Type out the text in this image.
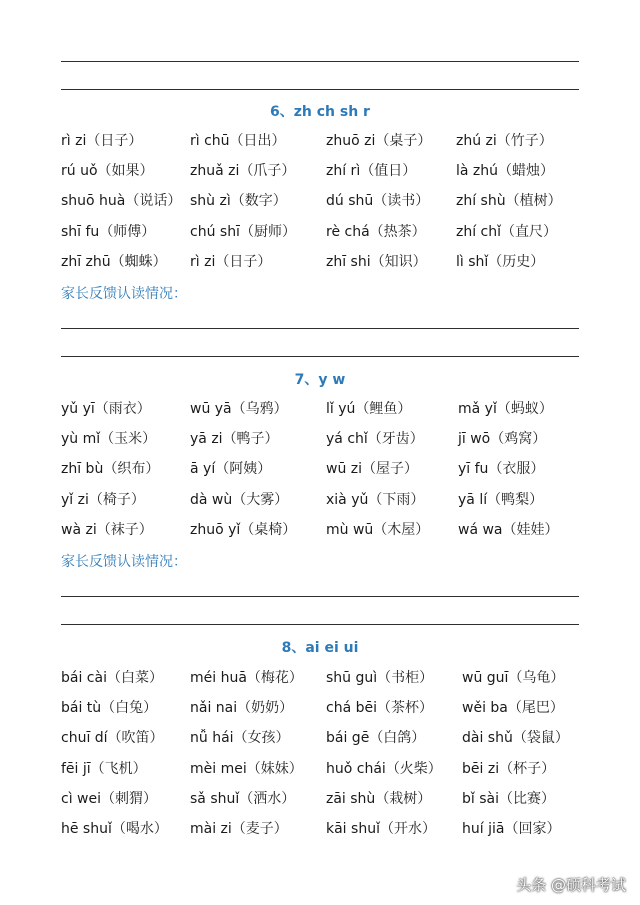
6、zh ch sh r
rì zi（日子）	rì chū（日出）	zhuō zi（桌子） zhú zi（竹子）
rú uǒ（如果）	zhuǎ zi（爪子） zhí rì（值日）	là zhú（蜡烛）
shuō huà（说话） shù zì（数字）	dú shū（读书） zhí shù（植树）
shī fu（师傅） chú shī（厨师） rè chá（热茶） zhí chǐ（直尺）
zhī zhū（蜘蛛） rì zi（日子）	zhī shi（知识） lì shǐ（历史）
家长反馈认读情况：
7、y w
yǔ yī（雨衣）	wū yā（乌鸦）	lǐ yú（鲤鱼）	mǎ yǐ（蚂蚁）
yù mǐ（玉米） yā zi（鸭子）	yá chǐ（牙齿） jī wō（鸡窝）
zhī bù（织布） ā yí（阿姨）	wū zi（屋子）	yī fu（衣服）
yǐ zi（椅子）	dà wù（大雾）	xià yǔ（下雨） yā lí（鸭梨）
wà zi（袜子）	zhuō yǐ（桌椅） mù wū（木屋） wá wa（娃娃）
家长反馈认读情况：
8、ai ei ui
bái cài（白菜） méi huā（梅花） shū guì（书柜） wū guī（乌龟）
bái tù（白兔） nǎi nai（奶奶） chá bēi（茶杯） wěi ba（尾巴）
chuī dí（吹笛） nǚ hái（女孩）	bái gē（白鸽）	dài shǔ（袋鼠）
fēi jī（飞机）	mèi mei（妹妹） huǒ chái（火柴） bēi zi（杯子）
cì wei（刺猬） sǎ shuǐ（洒水） zāi shù（栽树） bǐ sài（比赛）
hē shuǐ（喝水） mài zi（麦子）	kāi shuǐ（开水） huí jiā（回家）
头条 @硕科考试
